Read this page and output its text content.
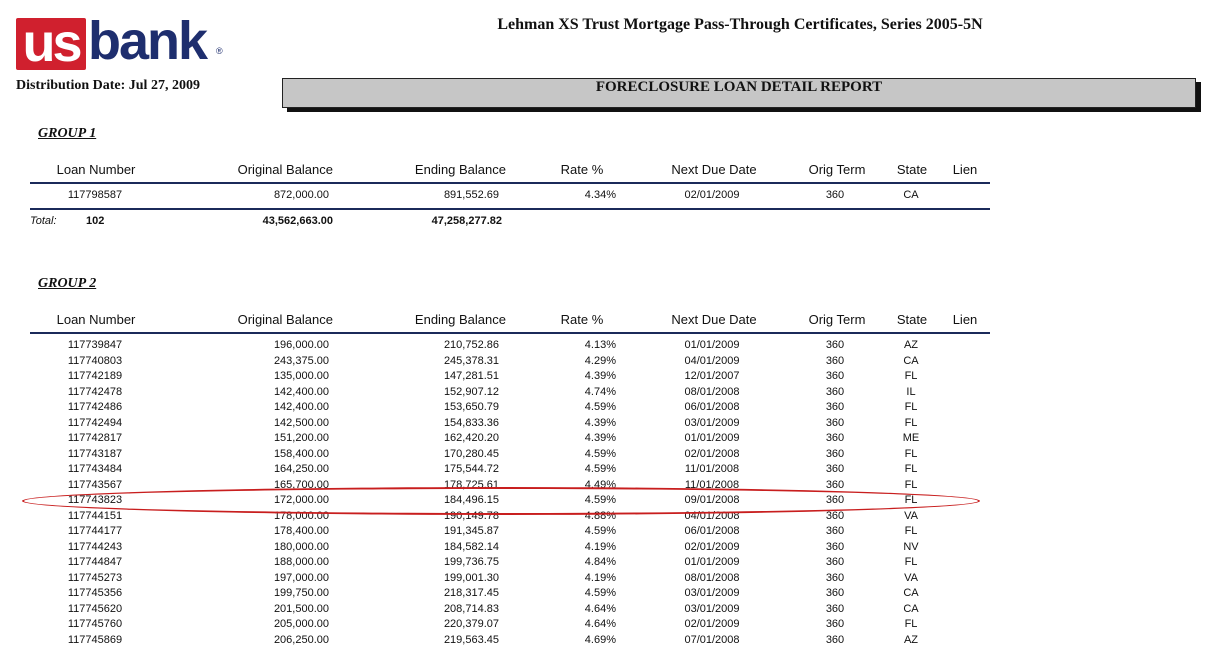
us bank ®
Lehman XS Trust Mortgage Pass-Through Certificates, Series 2005-5N
Distribution Date: Jul 27, 2009	FORECLOSURE LOAN DETAIL REPORT
GROUP 1
Loan Number	Original Balance	Ending Balance	Rate %	Next Due Date	Orig Term	State	Lien
117798587	872,000.00	891,552.69	4.34%	02/01/2009	360	CA
Total:	102	43,562,663.00	47,258,277.82
GROUP 2
Loan Number	Original Balance	Ending Balance	Rate %	Next Due Date	Orig Term	State	Lien
117739847	196,000.00	210,752.86	4.13%	01/01/2009	360	AZ
117740803	243,375.00	245,378.31	4.29%	04/01/2009	360	CA
117742189	135,000.00	147,281.51	4.39%	12/01/2007	360	FL
117742478	142,400.00	152,907.12	4.74%	08/01/2008	360	IL
117742486	142,400.00	153,650.79	4.59%	06/01/2008	360	FL
117742494	142,500.00	154,833.36	4.39%	03/01/2009	360	FL
117742817	151,200.00	162,420.20	4.39%	01/01/2009	360	ME
117743187	158,400.00	170,280.45	4.59%	02/01/2008	360	FL
117743484	164,250.00	175,544.72	4.59%	11/01/2008	360	FL
117743567	165,700.00	178,725.61	4.49%	11/01/2008	360	FL
117743823	172,000.00	184,496.15	4.59%	09/01/2008	360	FL
117744151	178,000.00	190,149.78	4.88%	04/01/2008	360	VA
117744177	178,400.00	191,345.87	4.59%	06/01/2008	360	FL
117744243	180,000.00	184,582.14	4.19%	02/01/2009	360	NV
117744847	188,000.00	199,736.75	4.84%	01/01/2009	360	FL
117745273	197,000.00	199,001.30	4.19%	08/01/2008	360	VA
117745356	199,750.00	218,317.45	4.59%	03/01/2009	360	CA
117745620	201,500.00	208,714.83	4.64%	03/01/2009	360	CA
117745760	205,000.00	220,379.07	4.64%	02/01/2009	360	FL
117745869	206,250.00	219,563.45	4.69%	07/01/2008	360	AZ
